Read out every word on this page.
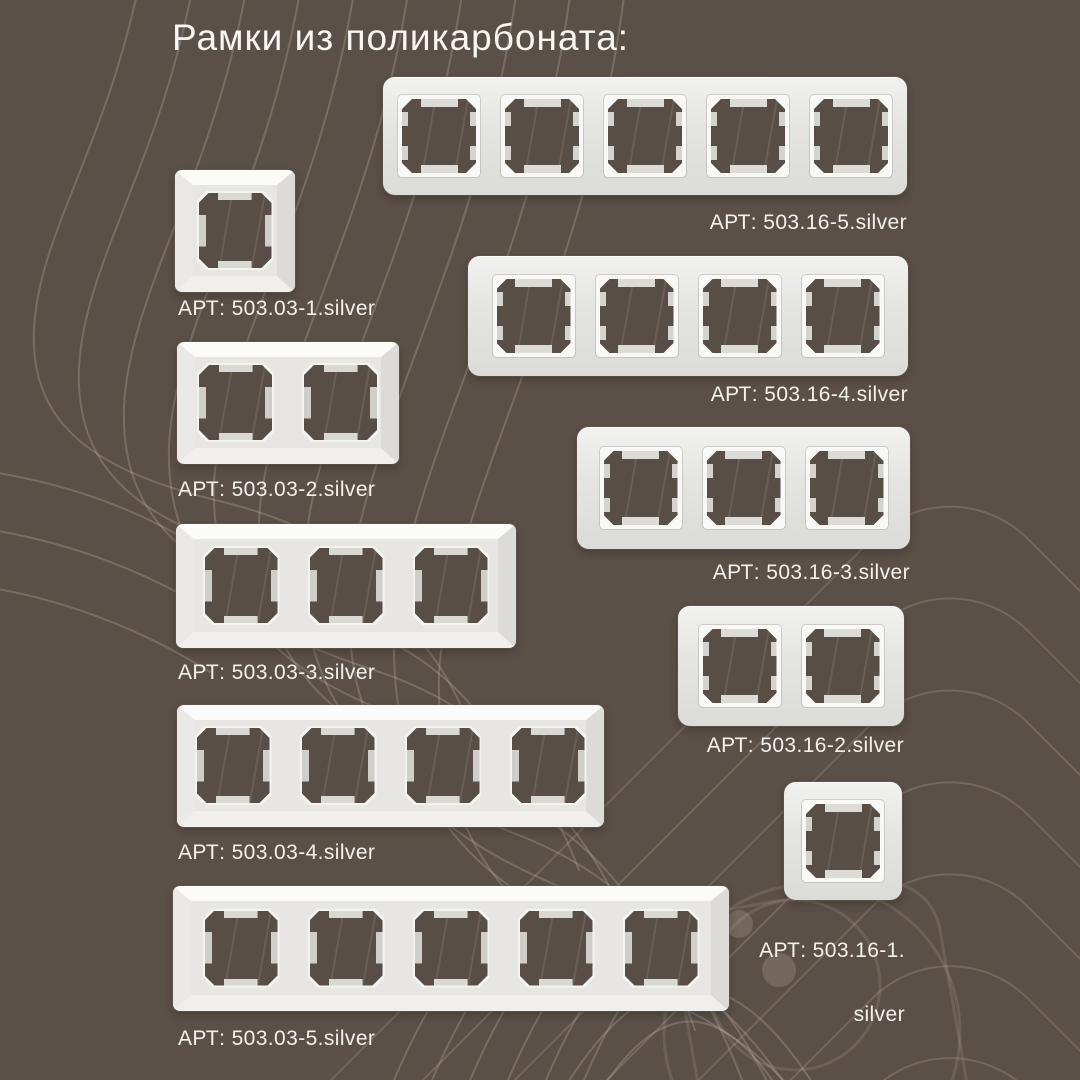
Рамки из поликарбоната:
АРТ: 503.03-1.silver
АРТ: 503.03-2.silver
АРТ: 503.03-3.silver
АРТ: 503.03-4.silver
АРТ: 503.03-5.silver
АРТ: 503.16-5.silver
АРТ: 503.16-4.silver
АРТ: 503.16-3.silver
АРТ: 503.16-2.silver

АРТ: 503.16-1.

silver
